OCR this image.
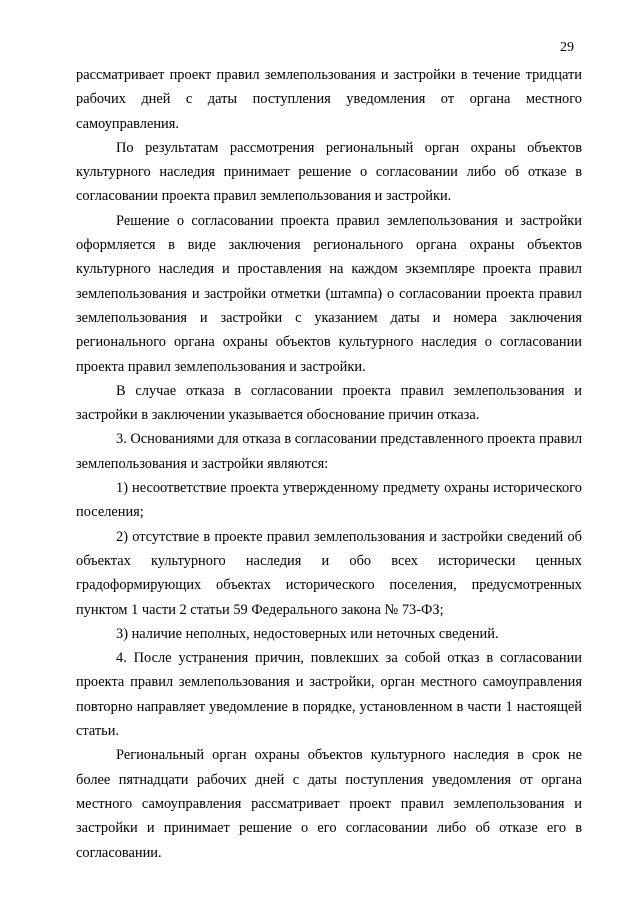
29

рассматривает проект правил землепользования и застройки в течение тридцати рабочих дней с даты поступления уведомления от органа местного самоуправления.

По результатам рассмотрения региональный орган охраны объектов культурного наследия принимает решение о согласовании либо об отказе в согласовании проекта правил землепользования и застройки.

Решение о согласовании проекта правил землепользования и застройки оформляется в виде заключения регионального органа охраны объектов культурного наследия и проставления на каждом экземпляре проекта правил землепользования и застройки отметки (штампа) о согласовании проекта правил землепользования и застройки с указанием даты и номера заключения регионального органа охраны объектов культурного наследия о согласовании проекта правил землепользования и застройки.

В случае отказа в согласовании проекта правил землепользования и застройки в заключении указывается обоснование причин отказа.

3. Основаниями для отказа в согласовании представленного проекта правил землепользования и застройки являются:

1) несоответствие проекта утвержденному предмету охраны исторического поселения;

2) отсутствие в проекте правил землепользования и застройки сведений об объектах культурного наследия и обо всех исторически ценных градоформирующих объектах исторического поселения, предусмотренных пунктом 1 части 2 статьи 59 Федерального закона № 73-ФЗ;

3) наличие неполных, недостоверных или неточных сведений.

4. После устранения причин, повлекших за собой отказ в согласовании проекта правил землепользования и застройки, орган местного самоуправления повторно направляет уведомление в порядке, установленном в части 1 настоящей статьи.

Региональный орган охраны объектов культурного наследия в срок не более пятнадцати рабочих дней с даты поступления уведомления от органа местного самоуправления рассматривает проект правил землепользования и застройки и принимает решение о его согласовании либо об отказе его в согласовании.
